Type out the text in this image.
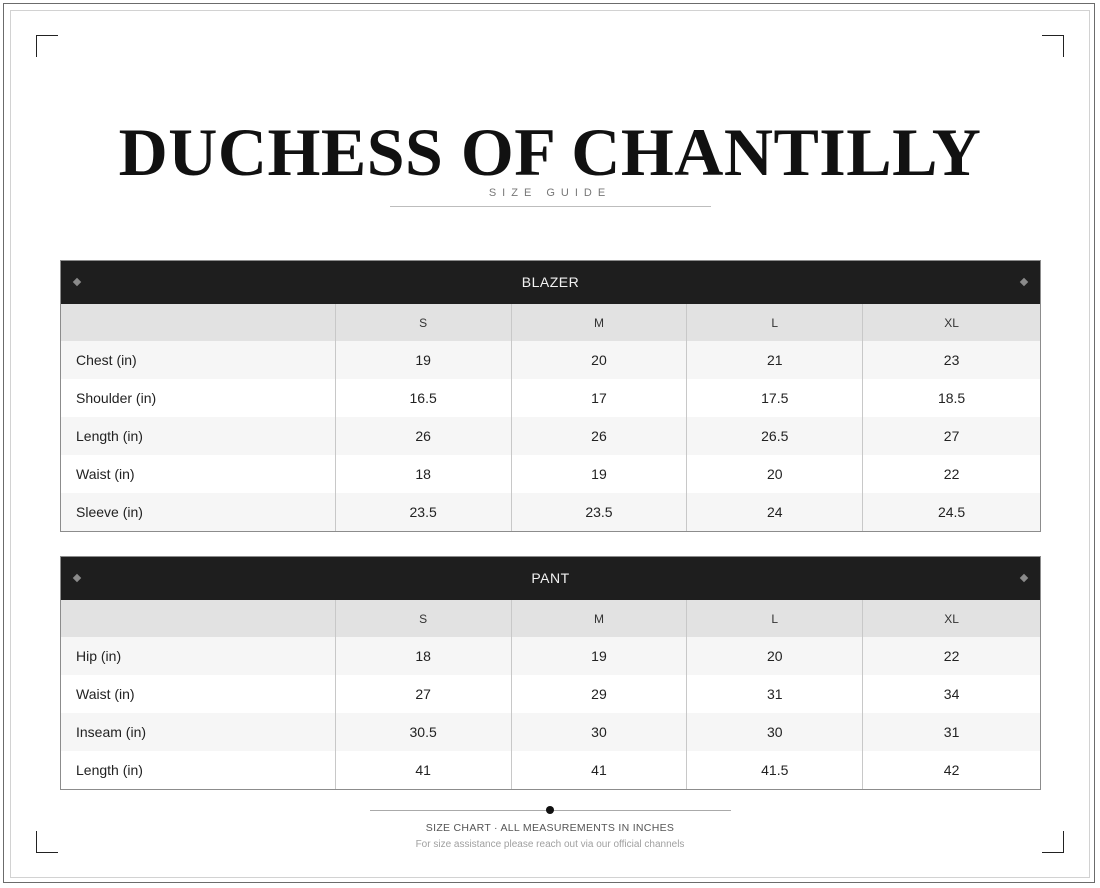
DUCHESS OF CHANTILLY
SIZE GUIDE
BLAZER
S	M	L	XL
Chest (in)	19	20	21	23
Shoulder (in)	16.5	17	17.5	18.5
Length (in)	26	26	26.5	27
Waist (in)	18	19	20	22
Sleeve (in)	23.5	23.5	24	24.5
PANT
S	M	L	XL
Hip (in)	18	19	20	22
Waist (in)	27	29	31	34
Inseam (in)	30.5	30	30	31
Length (in)	41	41	41.5	42
SIZE CHART · ALL MEASUREMENTS IN INCHES
For size assistance please reach out via our official channels
